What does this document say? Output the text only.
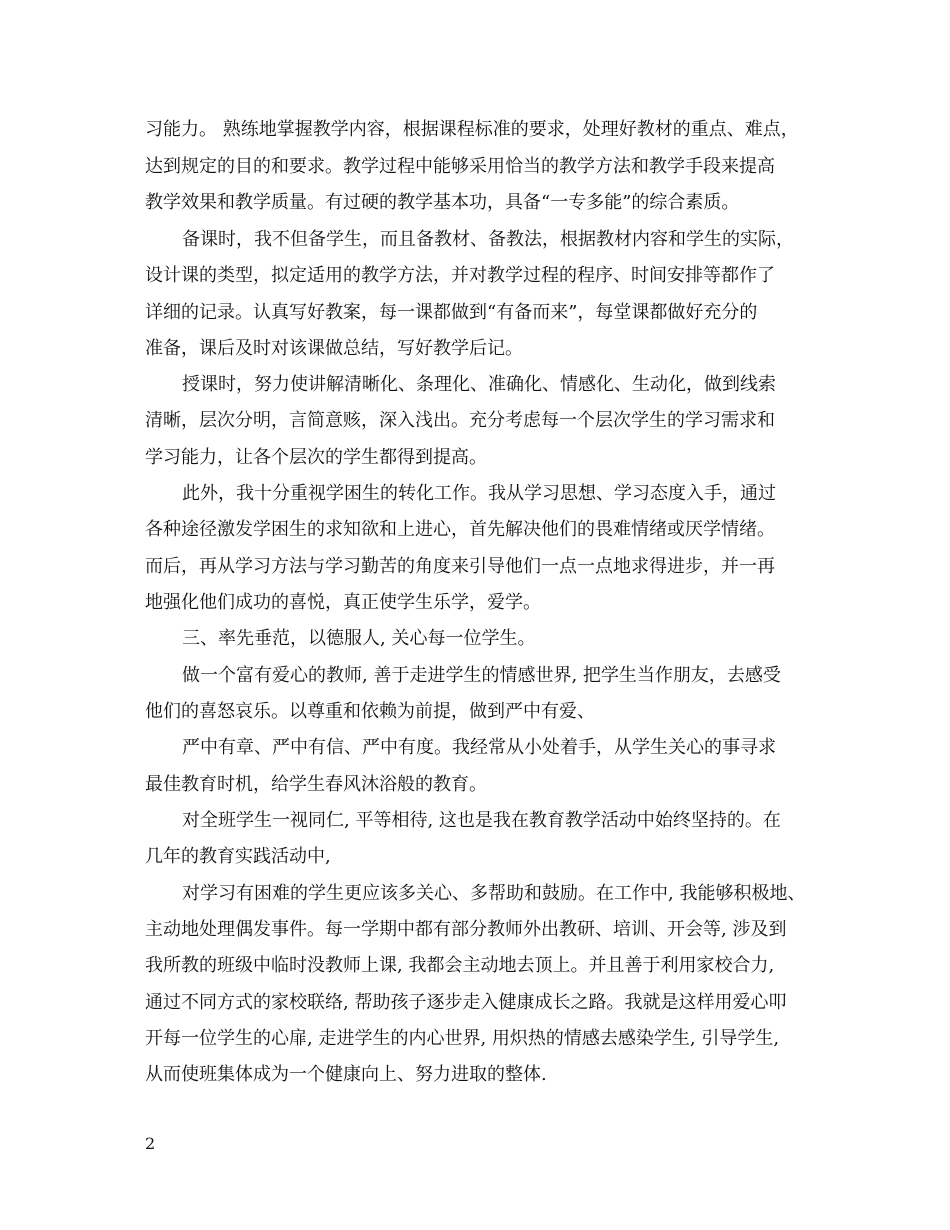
习能力。 熟练地掌握教学内容，根据课程标准的要求，处理好教材的重点、难点，
达到规定的目的和要求。教学过程中能够采用恰当的教学方法和教学手段来提高
教学效果和教学质量。有过硬的教学基本功，具备“一专多能”的综合素质。
备课时，我不但备学生，而且备教材、备教法，根据教材内容和学生的实际，
设计课的类型，拟定适用的教学方法，并对教学过程的程序、时间安排等都作了
详细的记录。认真写好教案，每一课都做到“有备而来”，每堂课都做好充分的
准备，课后及时对该课做总结，写好教学后记。
授课时，努力使讲解清晰化、条理化、准确化、情感化、生动化，做到线索
清晰，层次分明，言简意赅，深入浅出。充分考虑每一个层次学生的学习需求和
学习能力，让各个层次的学生都得到提高。
此外，我十分重视学困生的转化工作。我从学习思想、学习态度入手，通过
各种途径激发学困生的求知欲和上进心，首先解决他们的畏难情绪或厌学情绪。
而后，再从学习方法与学习勤苦的角度来引导他们一点一点地求得进步，并一再
地强化他们成功的喜悦，真正使学生乐学，爱学。
三、率先垂范，以德服人, 关心每一位学生。
做一个富有爱心的教师, 善于走进学生的情感世界, 把学生当作朋友，去感受
他们的喜怒哀乐。以尊重和依赖为前提，做到严中有爱、
严中有章、严中有信、严中有度。我经常从小处着手，从学生关心的事寻求
最佳教育时机，给学生春风沐浴般的教育。
对全班学生一视同仁, 平等相待, 这也是我在教育教学活动中始终坚持的。在
几年的教育实践活动中,
对学习有困难的学生更应该多关心、多帮助和鼓励。在工作中, 我能够积极地、
主动地处理偶发事件。每一学期中都有部分教师外出教研、培训、开会等, 涉及到
我所教的班级中临时没教师上课, 我都会主动地去顶上。并且善于利用家校合力,
通过不同方式的家校联络, 帮助孩子逐步走入健康成长之路。我就是这样用爱心叩
开每一位学生的心扉, 走进学生的内心世界, 用炽热的情感去感染学生, 引导学生,
从而使班集体成为一个健康向上、努力进取的整体.
2
